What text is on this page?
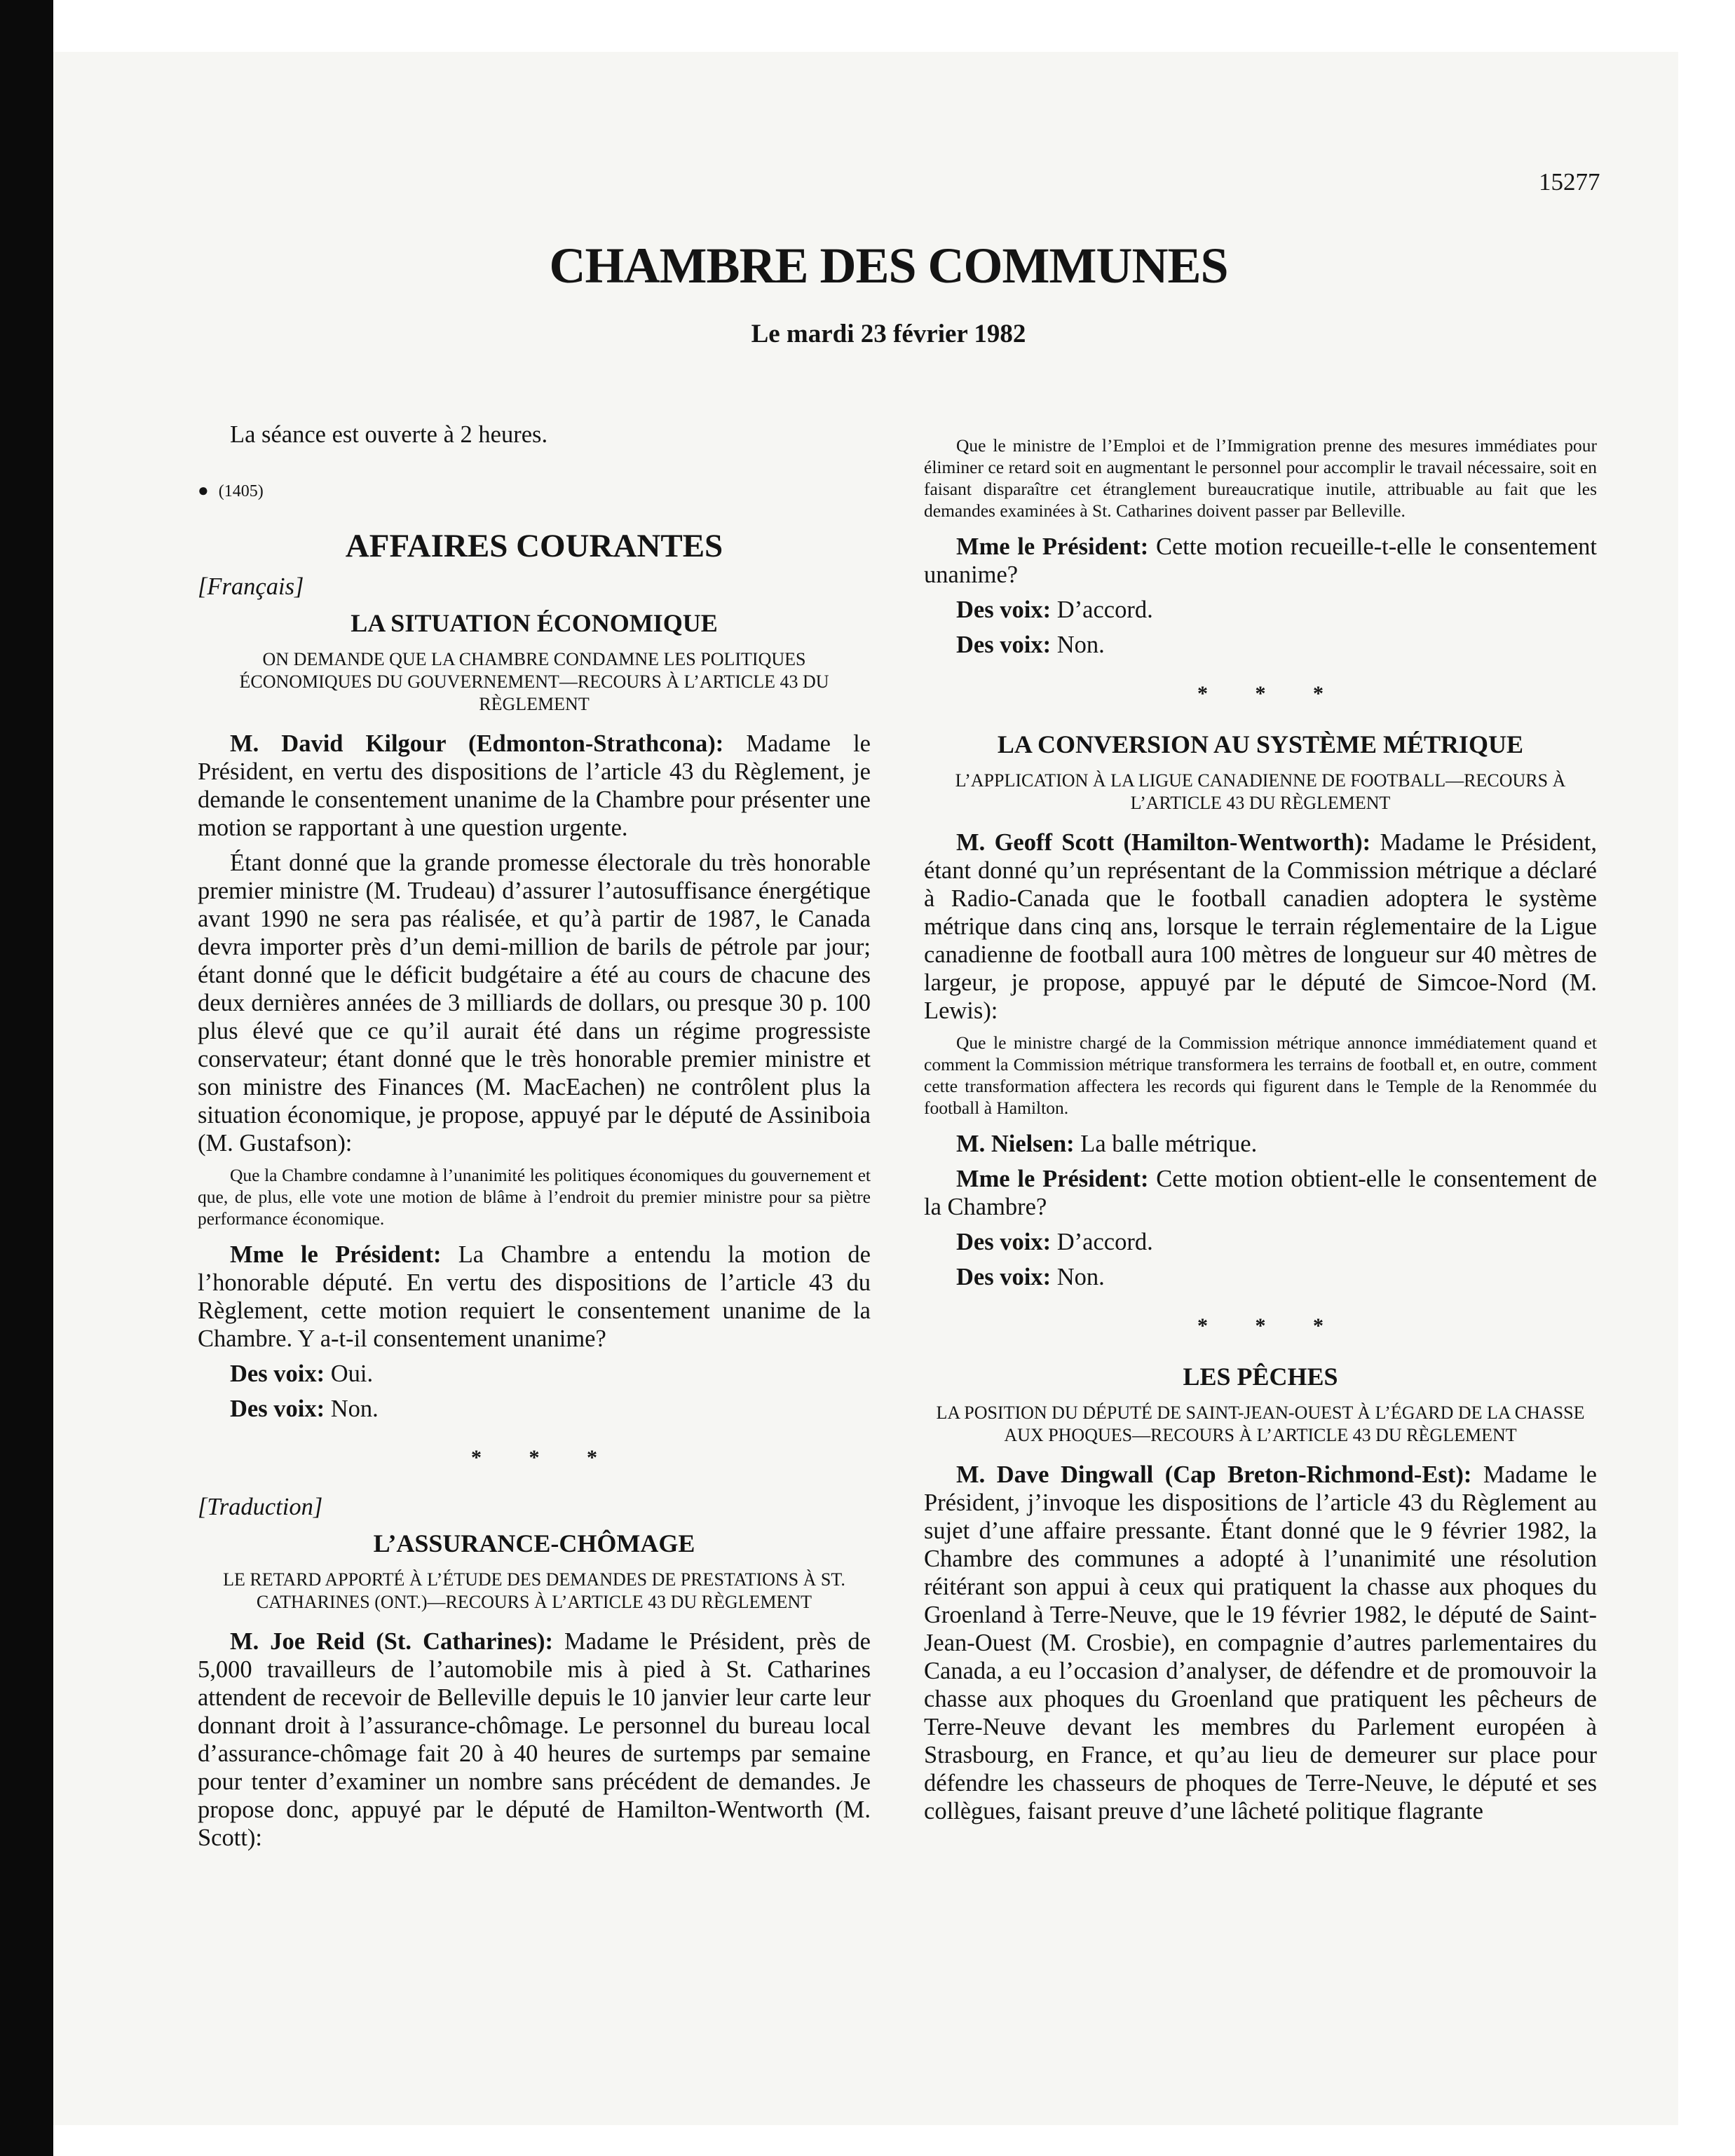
15277
CHAMBRE DES COMMUNES
Le mardi 23 février 1982

La séance est ouverte à 2 heures.

● (1405)

AFFAIRES COURANTES

[Français]

LA SITUATION ÉCONOMIQUE

ON DEMANDE QUE LA CHAMBRE CONDAMNE LES POLITIQUES ÉCONOMIQUES DU GOUVERNEMENT—RECOURS À L’ARTICLE 43 DU RÈGLEMENT

M. David Kilgour (Edmonton-Strathcona): Madame le Président, en vertu des dispositions de l’article 43 du Règlement, je demande le consentement unanime de la Chambre pour présenter une motion se rapportant à une question urgente.

Étant donné que la grande promesse électorale du très honorable premier ministre (M. Trudeau) d’assurer l’autosuffisance énergétique avant 1990 ne sera pas réalisée, et qu’à partir de 1987, le Canada devra importer près d’un demi-million de barils de pétrole par jour; étant donné que le déficit budgétaire a été au cours de chacune des deux dernières années de 3 milliards de dollars, ou presque 30 p. 100 plus élevé que ce qu’il aurait été dans un régime progressiste conservateur; étant donné que le très honorable premier ministre et son ministre des Finances (M. MacEachen) ne contrôlent plus la situation économique, je propose, appuyé par le député de Assiniboia (M. Gustafson):

Que la Chambre condamne à l’unanimité les politiques économiques du gouvernement et que, de plus, elle vote une motion de blâme à l’endroit du premier ministre pour sa piètre performance économique.

Mme le Président: La Chambre a entendu la motion de l’honorable député. En vertu des dispositions de l’article 43 du Règlement, cette motion requiert le consentement unanime de la Chambre. Y a-t-il consentement unanime?

Des voix: Oui.

Des voix: Non.

* * *

[Traduction]

L’ASSURANCE-CHÔMAGE

LE RETARD APPORTÉ À L’ÉTUDE DES DEMANDES DE PRESTATIONS À ST. CATHARINES (ONT.)—RECOURS À L’ARTICLE 43 DU RÈGLEMENT

M. Joe Reid (St. Catharines): Madame le Président, près de 5,000 travailleurs de l’automobile mis à pied à St. Catharines attendent de recevoir de Belleville depuis le 10 janvier leur carte leur donnant droit à l’assurance-chômage. Le personnel du bureau local d’assurance-chômage fait 20 à 40 heures de surtemps par semaine pour tenter d’examiner un nombre sans précédent de demandes. Je propose donc, appuyé par le député de Hamilton-Wentworth (M. Scott):

Que le ministre de l’Emploi et de l’Immigration prenne des mesures immédiates pour éliminer ce retard soit en augmentant le personnel pour accomplir le travail nécessaire, soit en faisant disparaître cet étranglement bureaucratique inutile, attribuable au fait que les demandes examinées à St. Catharines doivent passer par Belleville.

Mme le Président: Cette motion recueille-t-elle le consentement unanime?

Des voix: D’accord.

Des voix: Non.

* * *

LA CONVERSION AU SYSTÈME MÉTRIQUE

L’APPLICATION À LA LIGUE CANADIENNE DE FOOTBALL—RECOURS À L’ARTICLE 43 DU RÈGLEMENT

M. Geoff Scott (Hamilton-Wentworth): Madame le Président, étant donné qu’un représentant de la Commission métrique a déclaré à Radio-Canada que le football canadien adoptera le système métrique dans cinq ans, lorsque le terrain réglementaire de la Ligue canadienne de football aura 100 mètres de longueur sur 40 mètres de largeur, je propose, appuyé par le député de Simcoe-Nord (M. Lewis):

Que le ministre chargé de la Commission métrique annonce immédiatement quand et comment la Commission métrique transformera les terrains de football et, en outre, comment cette transformation affectera les records qui figurent dans le Temple de la Renommée du football à Hamilton.

M. Nielsen: La balle métrique.

Mme le Président: Cette motion obtient-elle le consentement de la Chambre?

Des voix: D’accord.

Des voix: Non.

* * *

LES PÊCHES

LA POSITION DU DÉPUTÉ DE SAINT-JEAN-OUEST À L’ÉGARD DE LA CHASSE AUX PHOQUES—RECOURS À L’ARTICLE 43 DU RÈGLEMENT

M. Dave Dingwall (Cap Breton-Richmond-Est): Madame le Président, j’invoque les dispositions de l’article 43 du Règlement au sujet d’une affaire pressante. Étant donné que le 9 février 1982, la Chambre des communes a adopté à l’unanimité une résolution réitérant son appui à ceux qui pratiquent la chasse aux phoques du Groenland à Terre-Neuve, que le 19 février 1982, le député de Saint-Jean-Ouest (M. Crosbie), en compagnie d’autres parlementaires du Canada, a eu l’occasion d’analyser, de défendre et de promouvoir la chasse aux phoques du Groenland que pratiquent les pêcheurs de Terre-Neuve devant les membres du Parlement européen à Strasbourg, en France, et qu’au lieu de demeurer sur place pour défendre les chasseurs de phoques de Terre-Neuve, le député et ses collègues, faisant preuve d’une lâcheté politique flagrante
